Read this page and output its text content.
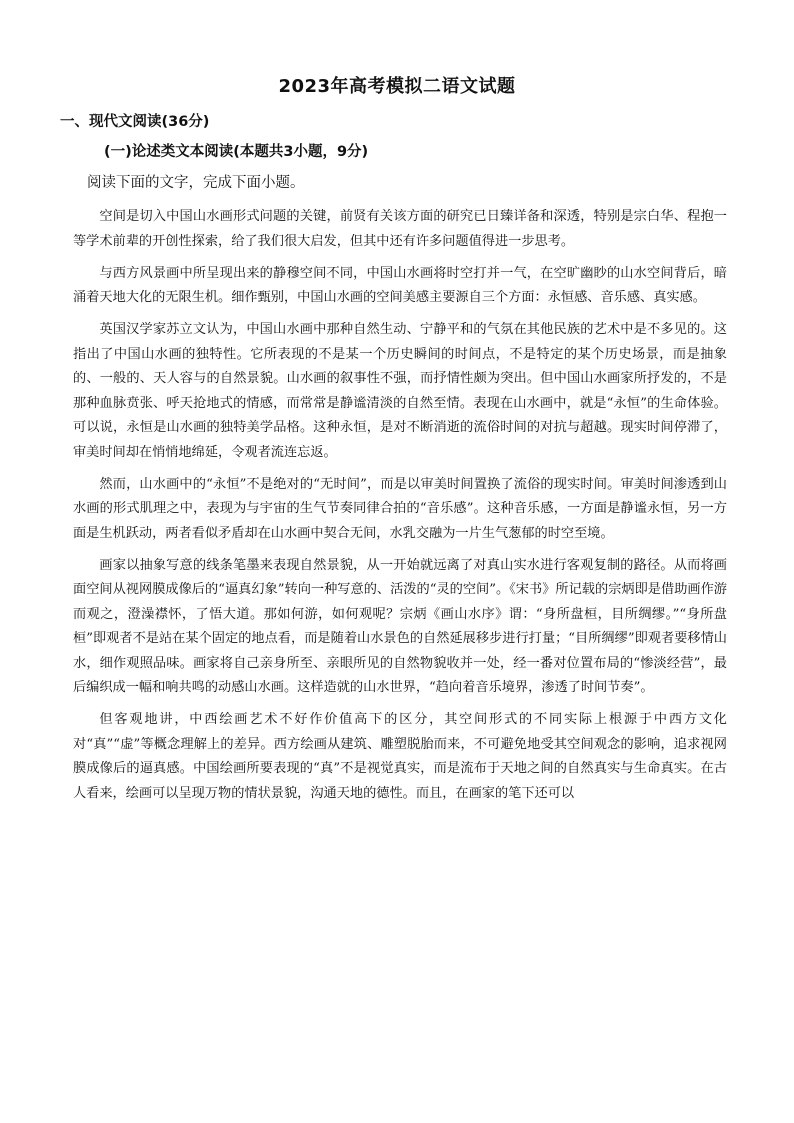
2023年高考模拟二语文试题
一、现代文阅读(36分)
(一)论述类文本阅读(本题共3小题，9分)
阅读下面的文字，完成下面小题。

空间是切入中国山水画形式问题的关键，前贤有关该方面的研究已日臻详备和深透，特别是宗白华、程抱一等学术前辈的开创性探索，给了我们很大启发，但其中还有许多问题值得进一步思考。

与西方风景画中所呈现出来的静穆空间不同，中国山水画将时空打并一气，在空旷幽眇的山水空间背后，暗涌着天地大化的无限生机。细作甄别，中国山水画的空间美感主要源自三个方面：永恒感、音乐感、真实感。

英国汉学家苏立文认为，中国山水画中那种自然生动、宁静平和的气氛在其他民族的艺术中是不多见的。这指出了中国山水画的独特性。它所表现的不是某一个历史瞬间的时间点，不是特定的某个历史场景，而是抽象的、一般的、天人容与的自然景貌。山水画的叙事性不强，而抒情性颇为突出。但中国山水画家所抒发的，不是那种血脉贲张、呼天抢地式的情感，而常常是静谧清淡的自然至情。表现在山水画中，就是“永恒”的生命体验。可以说，永恒是山水画的独特美学品格。这种永恒，是对不断消逝的流俗时间的对抗与超越。现实时间停滞了，审美时间却在悄悄地绵延，令观者流连忘返。

然而，山水画中的“永恒”不是绝对的“无时间”，而是以审美时间置换了流俗的现实时间。审美时间渗透到山水画的形式肌理之中，表现为与宇宙的生气节奏同律合拍的“音乐感”。这种音乐感，一方面是静谧永恒，另一方面是生机跃动，两者看似矛盾却在山水画中契合无间，水乳交融为一片生气葱郁的时空至境。

画家以抽象写意的线条笔墨来表现自然景貌，从一开始就远离了对真山实水进行客观复制的路径。从而将画面空间从视网膜成像后的“逼真幻象”转向一种写意的、活泼的“灵的空间”。《宋书》所记载的宗炳即是借助画作游而观之，澄澡襟怀，了悟大道。那如何游，如何观呢？宗炳《画山水序》谓：“身所盘桓，目所绸缪。”“身所盘桓”即观者不是站在某个固定的地点看，而是随着山水景色的自然延展移步进行打量；“目所绸缪”即观者要移情山水，细作观照品味。画家将自己亲身所至、亲眼所见的自然物貌收并一处，经一番对位置布局的“惨淡经营”，最后编织成一幅和响共鸣的动感山水画。这样造就的山水世界，“趋向着音乐境界，渗透了时间节奏”。

但客观地讲，中西绘画艺术不好作价值高下的区分，其空间形式的不同实际上根源于中西方文化对“真”“虚”等概念理解上的差异。西方绘画从建筑、雕塑脱胎而来，不可避免地受其空间观念的影响，追求视网膜成像后的逼真感。中国绘画所要表现的“真”不是视觉真实，而是流布于天地之间的自然真实与生命真实。在古人看来，绘画可以呈现万物的情状景貌，沟通天地的德性。而且，在画家的笔下还可以
